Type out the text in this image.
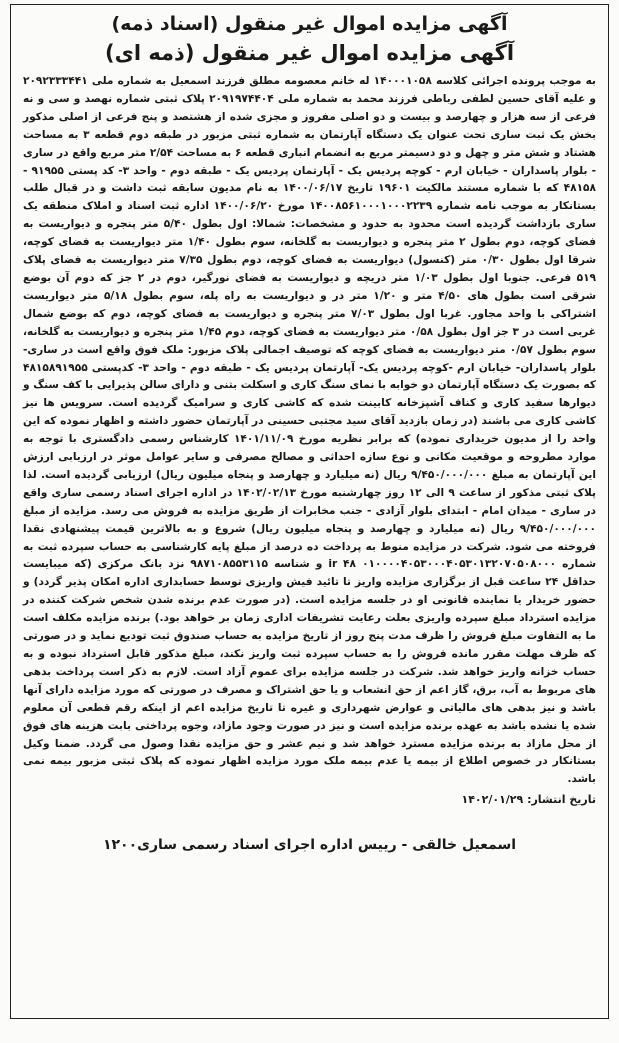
آگهی مزایده اموال غیر منقول (اسناد ذمه)
آگهی مزایده اموال غیر منقول (ذمه ای)

به موجب پرونده اجرائی کلاسه ۱۴۰۰۰۱۰۵۸ له خانم معصومه مطلق فرزند اسمعیل به شماره ملی ۲۰۹۲۳۳۳۴۴۱ و علیه آقای حسین لطفی رباطی فرزند محمد به شماره ملی ۲۰۹۱۹۷۴۴۰۴ پلاک ثبتی شماره نهصد و سی و نه فرعی از سه هزار و چهارصد و بیست و دو اصلی مفروز و مجزی شده از هشتصد و پنج فرعی از اصلی مذکور بخش یک ثبت ساری تحت عنوان یک دستگاه آپارتمان به شماره ثبتی مزبور در طبقه دوم قطعه ۳ به مساحت هشتاد و شش متر و چهل و دو دسیمتر مربع به انضمام انباری قطعه ۶ به مساحت ۲/۵۴ متر مربع واقع در ساری - بلوار پاسداران - خیابان ارم - کوچه پردیس یک - آپارتمان پردیس یک - طبقه دوم - واحد ۳- کد پستی ۹۱۹۵۵ - ۴۸۱۵۸ که با شماره مستند مالکیت ۱۹۶۰۱ تاریخ ۱۴۰۰/۰۶/۱۷ به نام مدیون سابقه ثبت داشت و در قبال طلب بستانکار به موجب نامه شماره ۱۴۰۰۸۵۶۱۰۰۰۱۰۰۰۲۲۳۹ مورخ ۱۴۰۰/۰۶/۲۰ اداره ثبت اسناد و املاک منطقه یک ساری بازداشت گردیده است محدود به حدود و مشخصات: شمالا: اول بطول ۵/۴۰ متر پنجره و دیواریست به فضای کوچه، دوم بطول ۲ متر پنجره و دیواریست به گلخانه، سوم بطول ۱/۴۰ متر دیواریست به فضای کوچه، شرقا اول بطول ۰/۳۰ متر (کنسول) دیواریست به فضای کوچه، دوم بطول ۷/۳۵ متر دیواریست به فضای پلاک ۵۱۹ فرعی. جنوبا اول بطول ۱/۰۳ متر دریچه و دیواریست به فضای نورگیر، دوم در ۲ جز که دوم آن بوضع شرقی است بطول های ۴/۵۰ متر و ۱/۲۰ متر در و دیواریست به راه پله، سوم بطول ۵/۱۸ متر دیواریست اشتراکی با واحد مجاور. غربا اول بطول ۷/۰۳ متر پنجره و دیواریست به فضای کوچه، دوم که بوضع شمال غربی است در ۳ جز اول بطول ۰/۵۸ متر دیواریست به فضای کوچه، دوم ۱/۴۵ متر پنجره و دیواریست به گلخانه، سوم بطول ۰/۵۷ متر دیواریست به فضای کوچه که توصیف اجمالی پلاک مزبور: ملک فوق واقع است در ساری- بلوار پاسداران- خیابان ارم -کوچه پردیس یک- آپارتمان پردیس یک - طبقه دوم - واحد ۳- کدپستی ۴۸۱۵۸۹۱۹۵۵ که بصورت یک دستگاه آپارتمان دو خوابه با نمای سنگ کاری و اسکلت بتنی و دارای سالن پذیرایی با کف سنگ و دیوارها سفید کاری و کناف آشپزخانه کابینت شده که کاشی کاری و سرامیک گردیده است. سرویس ها نیز کاشی کاری می باشند (در زمان بازدید آقای سید مجتبی حسینی در آپارتمان حضور داشته و اظهار نموده که این واحد را از مدیون خریداری نموده) که برابر نظریه مورخ ۱۴۰۱/۱۱/۰۹ کارشناس رسمی دادگستری با توجه به موارد مطروحه و موقعیت مکانی و نوع سازه احداثی و مصالح مصرفی و سایر عوامل موثر در ارزیابی ارزش این آپارتمان به مبلغ ۹/۴۵۰/۰۰۰/۰۰۰ ریال (نه میلیارد و چهارصد و پنجاه میلیون ریال) ارزیابی گردیده است. لذا پلاک ثبتی مذکور از ساعت ۹ الی ۱۲ روز چهارشنبه مورخ ۱۴۰۲/۰۲/۱۳ در اداره اجرای اسناد رسمی ساری واقع در ساری - میدان امام - ابتدای بلوار آزادی - جنب مخابرات از طریق مزایده به فروش می رسد. مزایده از مبلغ ۹/۴۵۰/۰۰۰/۰۰۰ ریال (نه میلیارد و چهارصد و پنجاه میلیون ریال) شروع و به بالاترین قیمت پیشنهادی نقدا فروخته می شود. شرکت در مزایده منوط به پرداخت ده درصد از مبلغ پایه کارشناسی به حساب سپرده ثبت به شماره ۰۱۰۰۰۰۴۰۵۳۰۰۰۴۰۵۳۰۱۳۲۰۷۰۵۰۸۰۰۰ ir ۴۸ و شناسه ۹۸۷۱۰۸۵۵۳۱۱۵ نزد بانک مرکزی (که میبایست حداقل ۲۴ ساعت قبل از برگزاری مزایده واریز تا تائید فیش واریزی توسط حسابداری اداره امکان پذیر گردد) و حضور خریدار یا نماینده قانونی او در جلسه مزایده است. (در صورت عدم برنده شدن شخص شرکت کننده در مزایده استرداد مبلغ سپرده واریزی بعلت رعایت تشریفات اداری زمان بر خواهد بود.) برنده مزایده مکلف است ما به التفاوت مبلغ فروش را ظرف مدت پنج روز از تاریخ مزایده به حساب صندوق ثبت تودیع نماید و در صورتی که ظرف مهلت مقرر مانده فروش را به حساب سپرده ثبت واریز نکند، مبلغ مذکور قابل استرداد نبوده و به حساب خزانه واریز خواهد شد. شرکت در جلسه مزایده برای عموم آزاد است. لازم به ذکر است پرداخت بدهی های مربوط به آب، برق، گاز اعم از حق انشعاب و یا حق اشتراک و مصرف در صورتی که مورد مزایده دارای آنها باشد و نیز بدهی های مالیاتی و عوارض شهرداری و غیره تا تاریخ مزایده اعم از اینکه رقم قطعی آن معلوم شده یا نشده باشد به عهده برنده مزایده است و نیز در صورت وجود مازاد، وجوه پرداختی بابت هزینه های فوق از محل مازاد به برنده مزایده مسترد خواهد شد و نیم عشر و حق مزایده نقدا وصول می گردد. ضمنا وکیل بستانکار در خصوص اطلاع از بیمه یا عدم بیمه ملک مورد مزایده اظهار نموده که پلاک ثبتی مزبور بیمه نمی باشد.

تاریخ انتشار: ۱۴۰۲/۰۱/۲۹
اسمعیل خالقی - رییس اداره اجرای اسناد رسمی ساری۱۲۰۰
